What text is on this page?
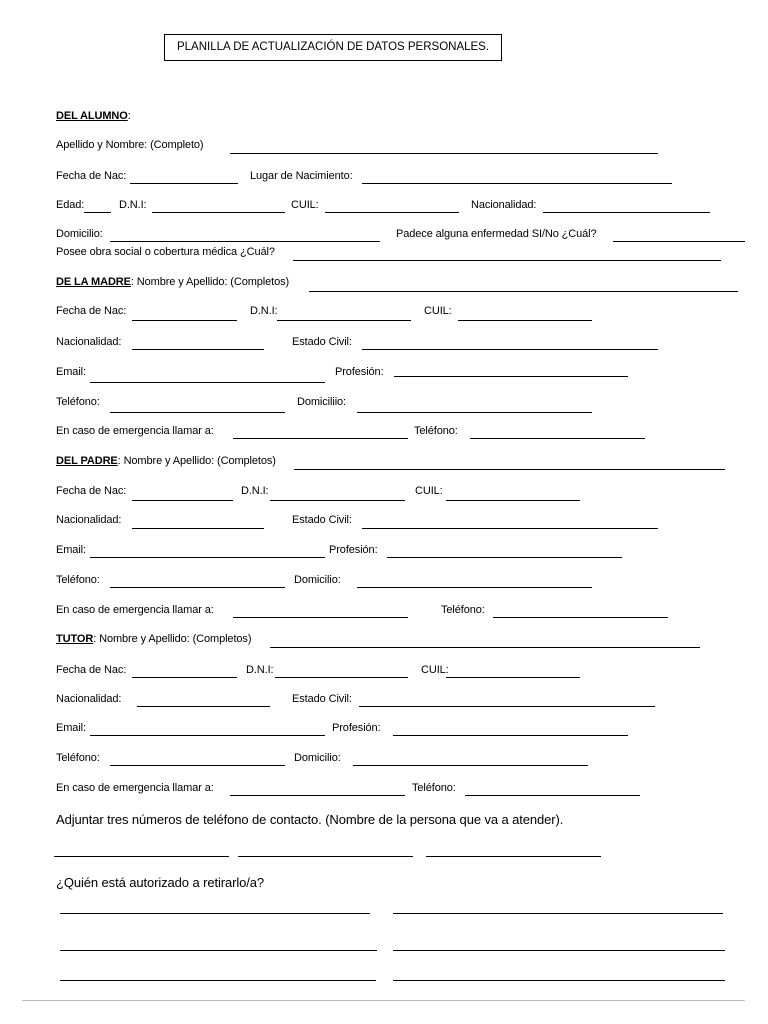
PLANILLA DE ACTUALIZACIÓN DE DATOS PERSONALES.
DEL ALUMNO:
Apellido y Nombre: (Completo)
Fecha de Nac:	Lugar de Nacimiento:
Edad:	D.N.I:	CUIL:	Nacionalidad:
Domicilio:	Padece alguna enfermedad SI/No ¿Cuál?
Posee obra social o cobertura médica ¿Cuál?
DE LA MADRE: Nombre y Apellido: (Completos)
Fecha de Nac:	D.N.I:	CUIL:
Nacionalidad:	Estado Civil:
Email:	Profesión:
Teléfono:	Domiciliio:
En caso de emergencia llamar a:	Teléfono:
DEL PADRE: Nombre y Apellido: (Completos)
Fecha de Nac:	D.N.I:	CUIL:
Nacionalidad:	Estado Civil:
Email:	Profesión:
Teléfono:	Domicilio:
En caso de emergencia llamar a:	Teléfono:
TUTOR: Nombre y Apellido: (Completos)
Fecha de Nac:	D.N.I:	CUIL:
Nacionalidad:	Estado Civil:
Email:	Profesión:
Teléfono:	Domicilio:
En caso de emergencia llamar a:	Teléfono:
Adjuntar tres números de teléfono de contacto. (Nombre de la persona que va a atender).
¿Quién está autorizado a retirarlo/a?
